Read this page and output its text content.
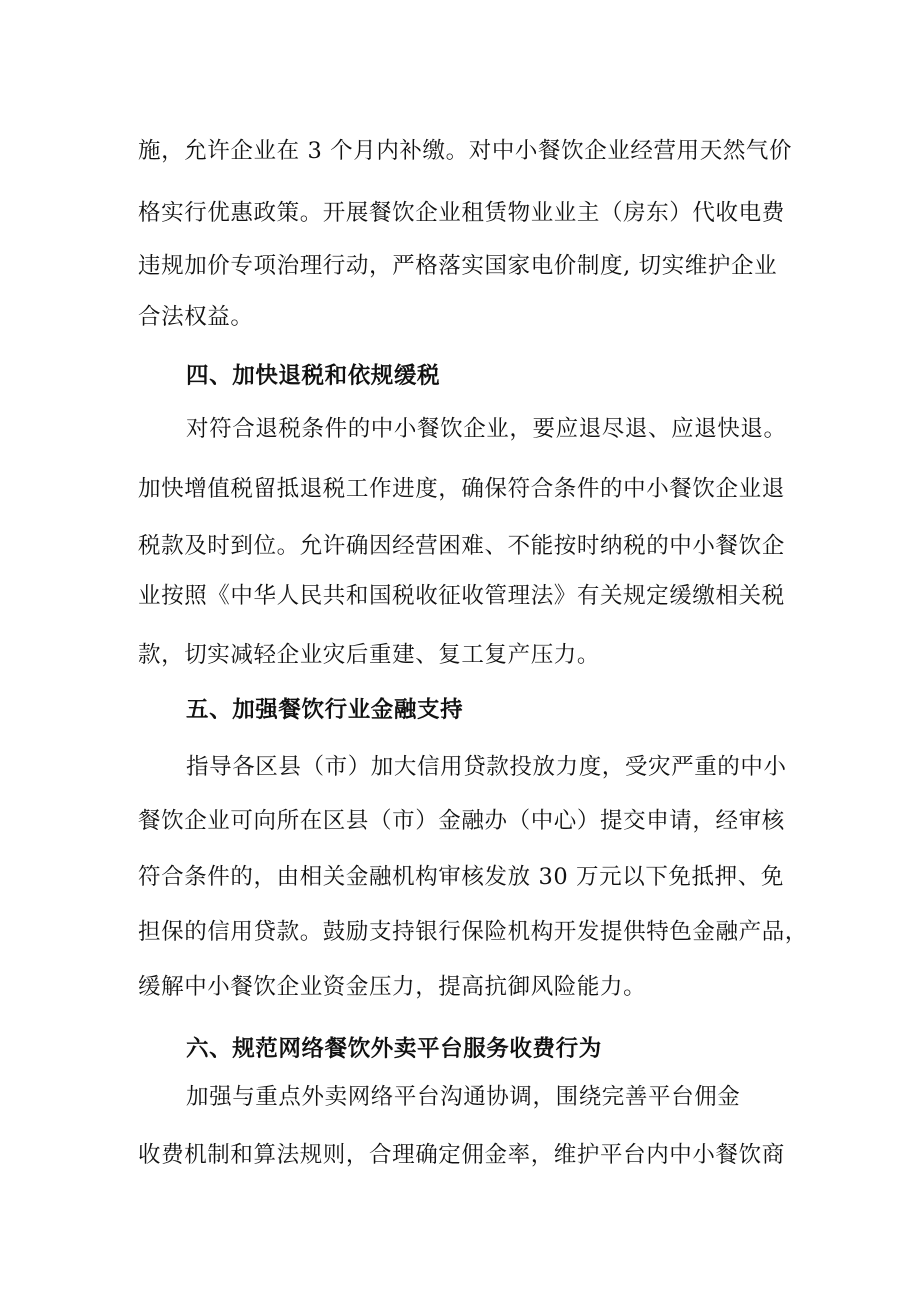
施，允许企业在 3 个月内补缴。对中小餐饮企业经营用天然气价
格实行优惠政策。开展餐饮企业租赁物业业主（房东）代收电费
违规加价专项治理行动，严格落实国家电价制度, 切实维护企业
合法权益。
四、加快退税和依规缓税
对符合退税条件的中小餐饮企业，要应退尽退、应退快退。
加快增值税留抵退税工作进度，确保符合条件的中小餐饮企业退
税款及时到位。允许确因经营困难、不能按时纳税的中小餐饮企
业按照《中华人民共和国税收征收管理法》有关规定缓缴相关税
款，切实减轻企业灾后重建、复工复产压力。
五、加强餐饮行业金融支持
指导各区县（市）加大信用贷款投放力度，受灾严重的中小
餐饮企业可向所在区县（市）金融办（中心）提交申请，经审核
符合条件的，由相关金融机构审核发放 30 万元以下免抵押、免
担保的信用贷款。鼓励支持银行保险机构开发提供特色金融产品，
缓解中小餐饮企业资金压力，提高抗御风险能力。
六、规范网络餐饮外卖平台服务收费行为
加强与重点外卖网络平台沟通协调，围绕完善平台佣金
收费机制和算法规则，合理确定佣金率，维护平台内中小餐饮商
